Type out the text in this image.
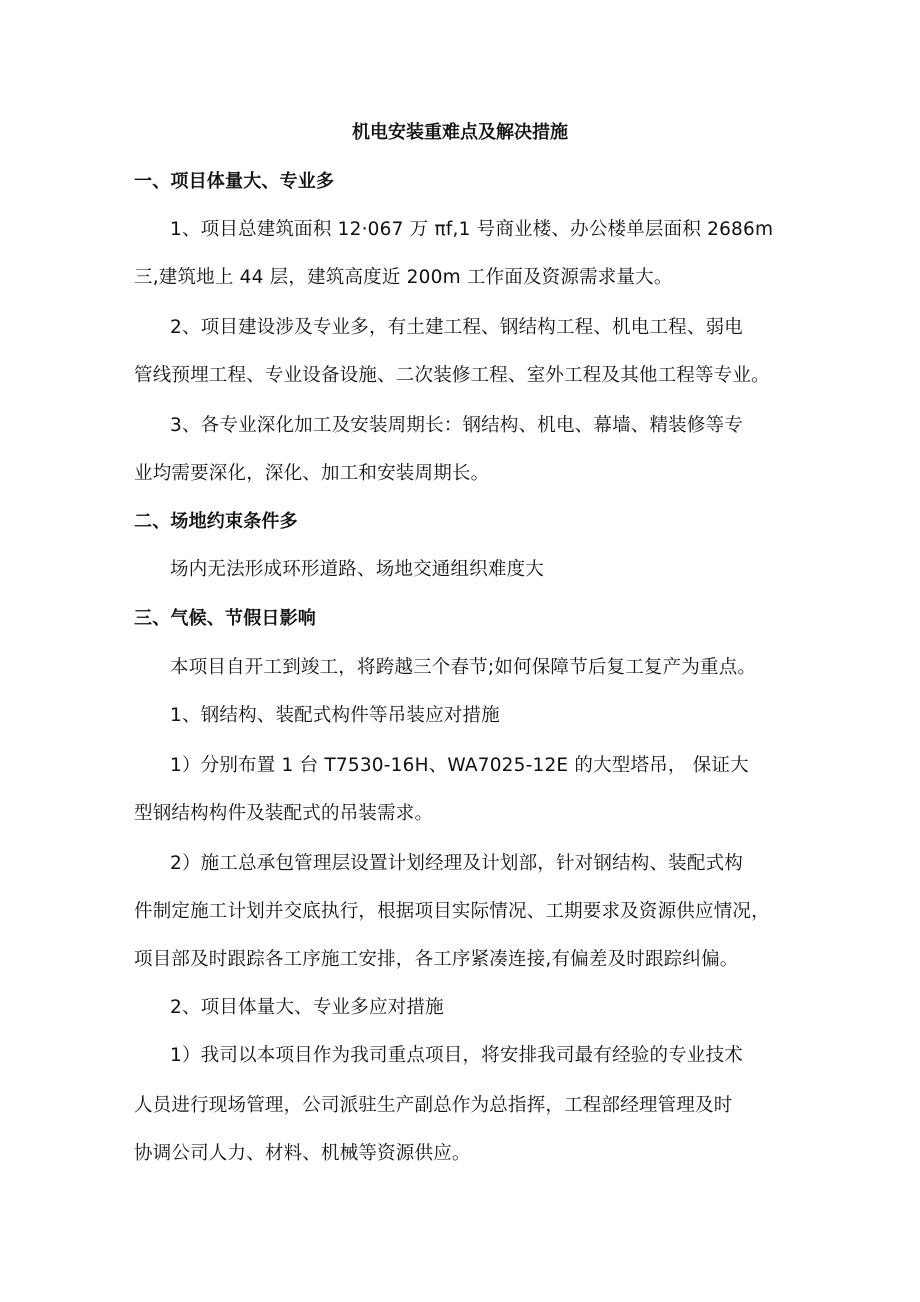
机电安装重难点及解决措施
一、项目体量大、专业多
1、项目总建筑面积 12·067 万 πf,1 号商业楼、办公楼单层面积 2686m
三,建筑地上 44 层，建筑高度近 200m 工作面及资源需求量大。
2、项目建设涉及专业多，有土建工程、钢结构工程、机电工程、弱电
管线预埋工程、专业设备设施、二次装修工程、室外工程及其他工程等专业。
3、各专业深化加工及安装周期长：钢结构、机电、幕墙、精装修等专
业均需要深化，深化、加工和安装周期长。
二、场地约束条件多
场内无法形成环形道路、场地交通组织难度大
三、气候、节假日影响
本项目自开工到竣工，将跨越三个春节;如何保障节后复工复产为重点。
1、钢结构、装配式构件等吊装应对措施
1）分别布置 1 台 T7530-16H、WA7025-12E 的大型塔吊， 保证大
型钢结构构件及装配式的吊装需求。
2）施工总承包管理层设置计划经理及计划部，针对钢结构、装配式构
件制定施工计划并交底执行，根据项目实际情况、工期要求及资源供应情况，
项目部及时跟踪各工序施工安排，各工序紧凑连接,有偏差及时跟踪纠偏。
2、项目体量大、专业多应对措施
1）我司以本项目作为我司重点项目，将安排我司最有经验的专业技术
人员进行现场管理，公司派驻生产副总作为总指挥，工程部经理管理及时
协调公司人力、材料、机械等资源供应。
